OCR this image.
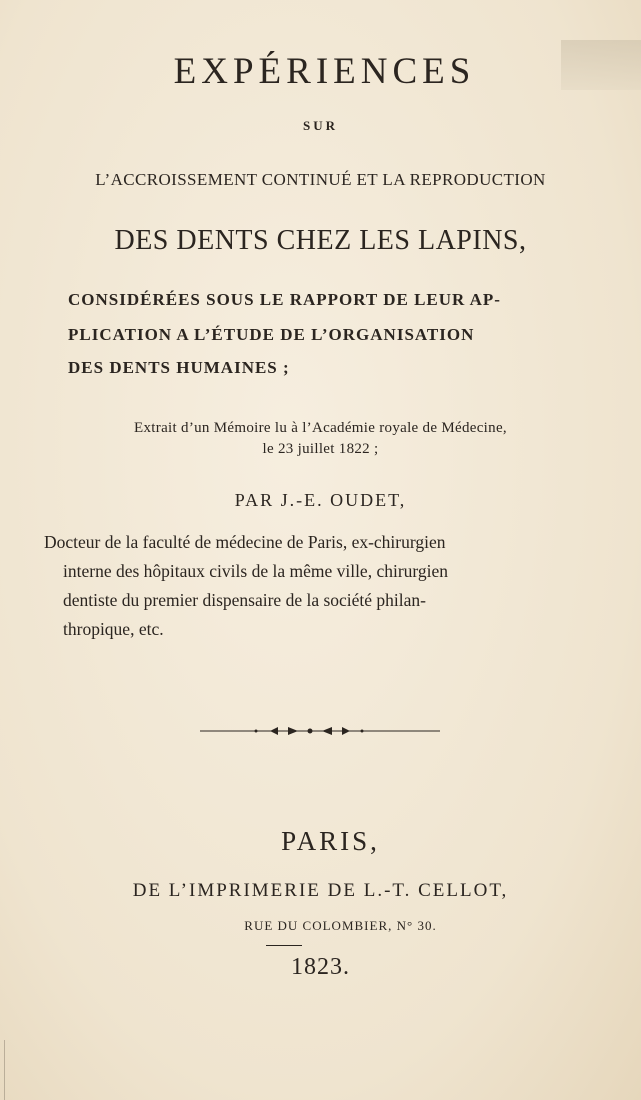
EXPÉRIENCES
SUR
L’ACCROISSEMENT CONTINUÉ ET LA REPRODUCTION
DES DENTS CHEZ LES LAPINS,
CONSIDÉRÉES SOUS LE RAPPORT DE LEUR AP-
PLICATION A L’ÉTUDE DE L’ORGANISATION
DES DENTS HUMAINES ;
Extrait d’un Mémoire lu à l’Académie royale de Médecine,
le 23 juillet 1822 ;
PAR J.-E. OUDET,
Docteur de la faculté de médecine de Paris, ex-chirurgien
interne des hôpitaux civils de la même ville, chirurgien
dentiste du premier dispensaire de la société philan-
thropique, etc.
PARIS,
DE L’IMPRIMERIE DE L.-T. CELLOT,
RUE DU COLOMBIER, N° 30.
1823.
